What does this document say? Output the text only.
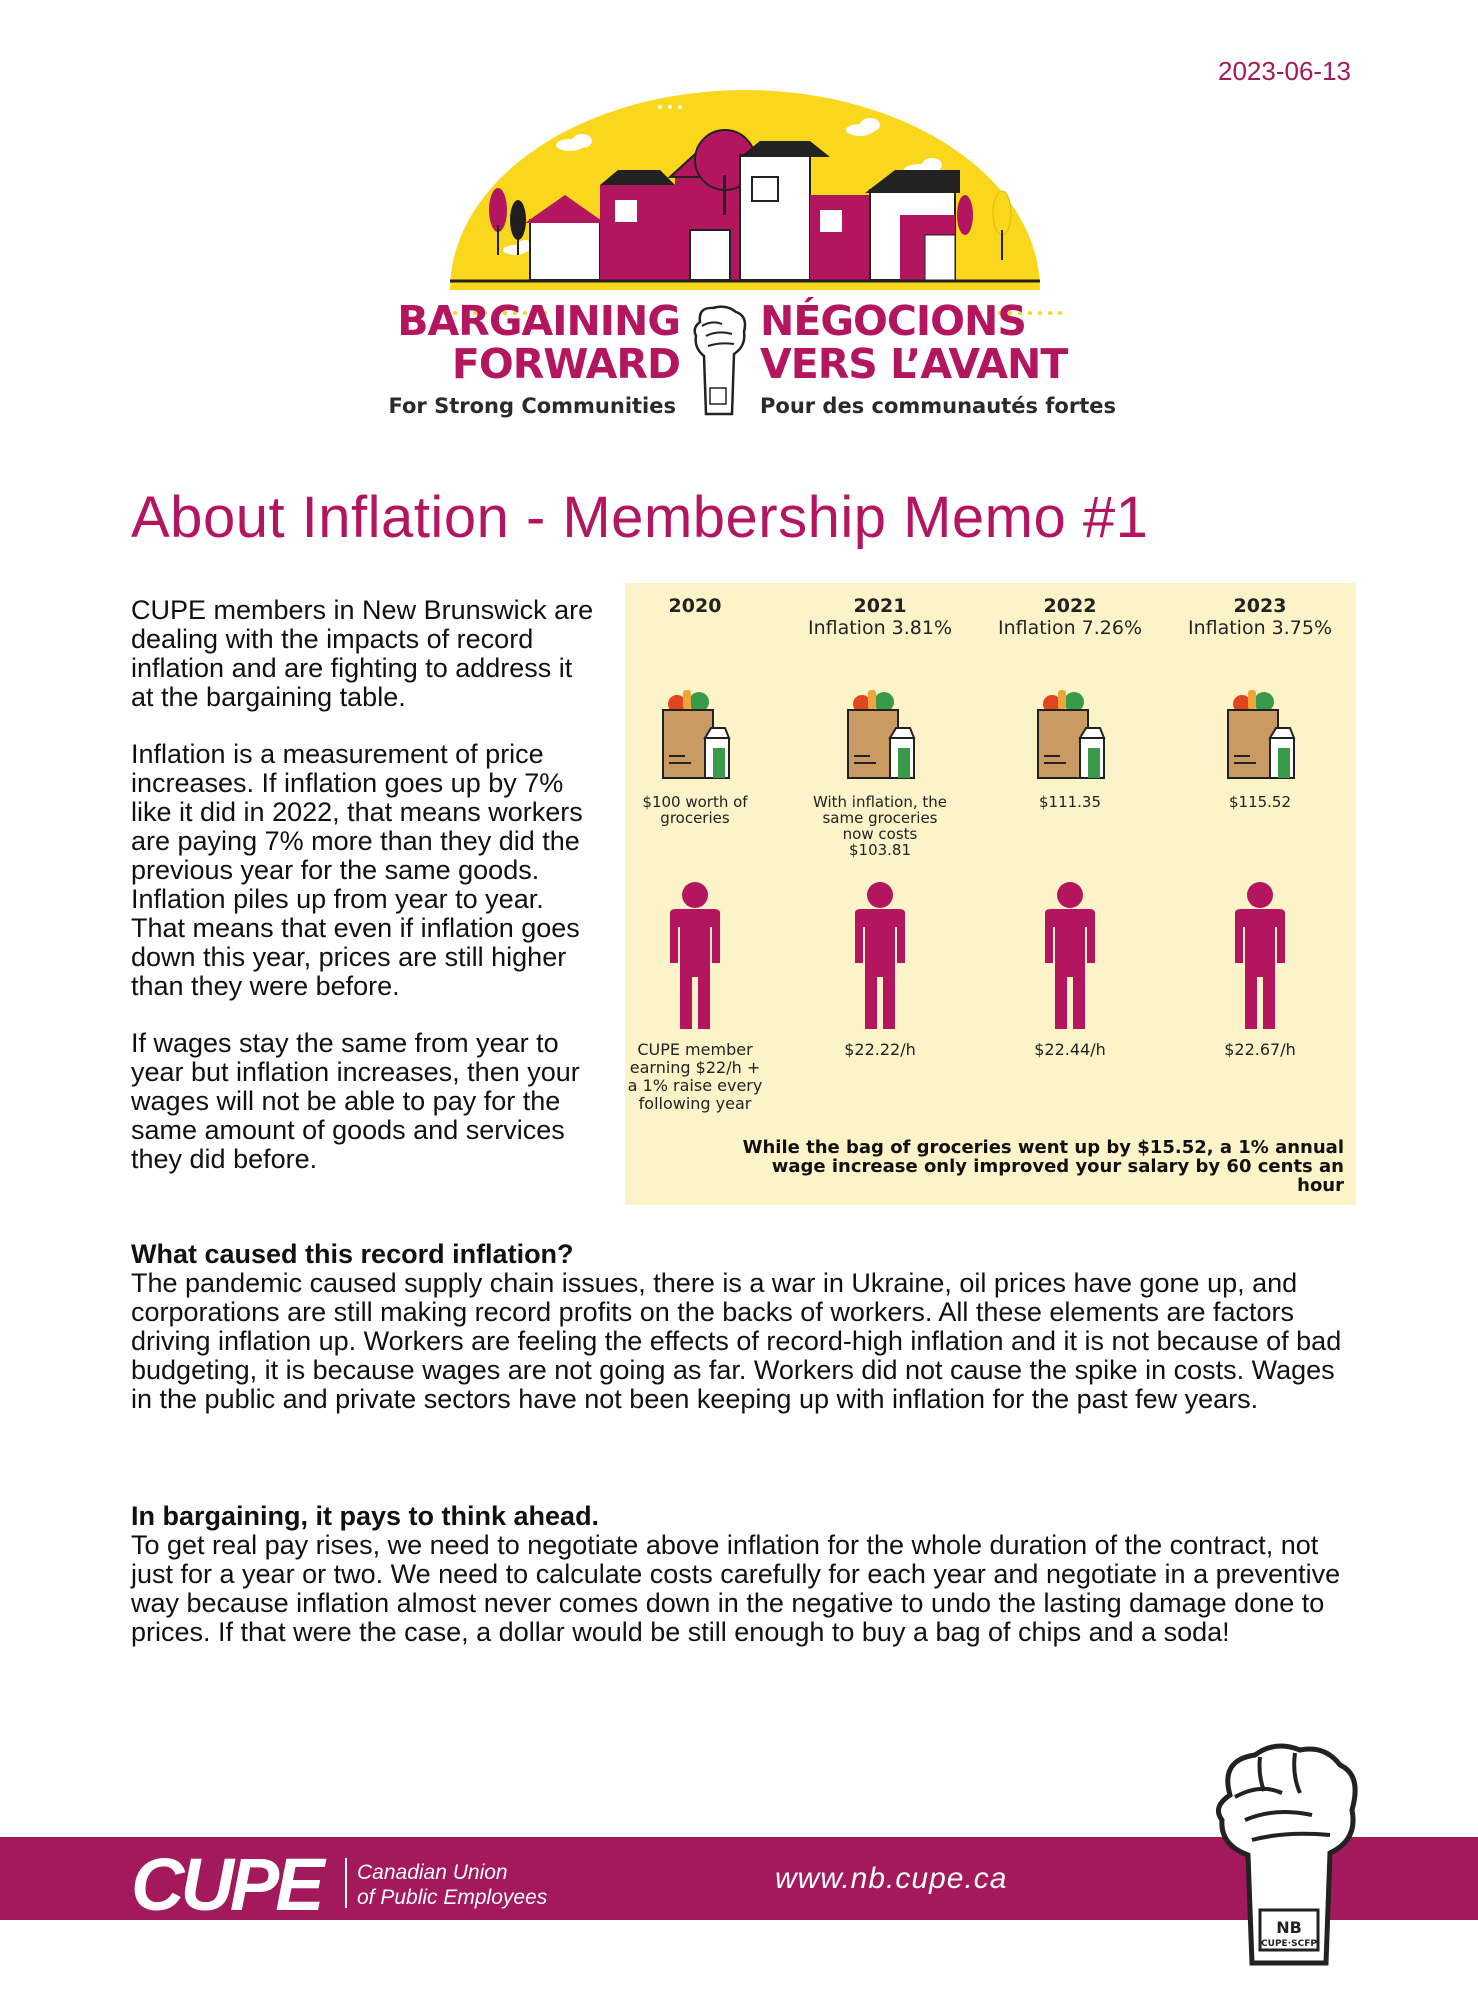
2023-06-13
BARGAINING
FORWARD
For Strong Communities
NÉGOCIONS
VERS L’AVANT
Pour des communautés fortes
About Inflation - Membership Memo #1

CUPE members in New Brunswick are dealing with the impacts of record inflation and are fighting to address it at the bargaining table.

Inflation is a measurement of price increases. If inflation goes up by 7% like it did in 2022, that means workers are paying 7% more than they did the previous year for the same goods. Inflation piles up from year to year. That means that even if inflation goes down this year, prices are still higher than they were before.

If wages stay the same from year to year but inflation increases, then your wages will not be able to pay for the same amount of goods and services they did before.

2020
$100 worth of groceries
CUPE member earning $22/h + a 1% raise every following year
2021
Inflation 3.81%
With inflation, the same groceries now costs $103.81
$22.22/h
2022
Inflation 7.26%
$111.35
$22.44/h
2023
Inflation 3.75%
$115.52
$22.67/h
While the bag of groceries went up by $15.52, a 1% annual wage increase only improved your salary by 60 cents an hour
What caused this record inflation?

The pandemic caused supply chain issues, there is a war in Ukraine, oil prices have gone up, and corporations are still making record profits on the backs of workers. All these elements are factors driving inflation up. Workers are feeling the effects of record-high inflation and it is not because of bad budgeting, it is because wages are not going as far. Workers did not cause the spike in costs. Wages in the public and private sectors have not been keeping up with inflation for the past few years.

In bargaining, it pays to think ahead.

To get real pay rises, we need to negotiate above inflation for the whole duration of the contract, not just for a year or two. We need to calculate costs carefully for each year and negotiate in a preventive way because inflation almost never comes down in the negative to undo the lasting damage done to prices. If that were the case, a dollar would be still enough to buy a bag of chips and a soda!

CUPE Canadian Union
of Public Employees
www.nb.cupe.ca
NB
CUPE·SCFP
